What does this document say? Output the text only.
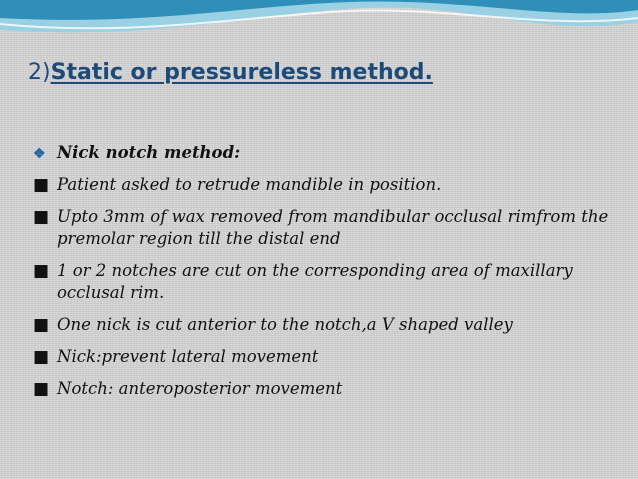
2)Static or pressureless method.
❖ Nick notch method:
■ Patient asked to retrude mandible in position.
■ Upto 3mm of wax removed from mandibular occlusal rimfrom the premolar region till the distal end
■ 1 or 2 notches are cut on the corresponding area of maxillary occlusal rim.
■ One nick is cut anterior to the notch,a V shaped valley
■ Nick:prevent lateral movement
■ Notch: anteroposterior movement
